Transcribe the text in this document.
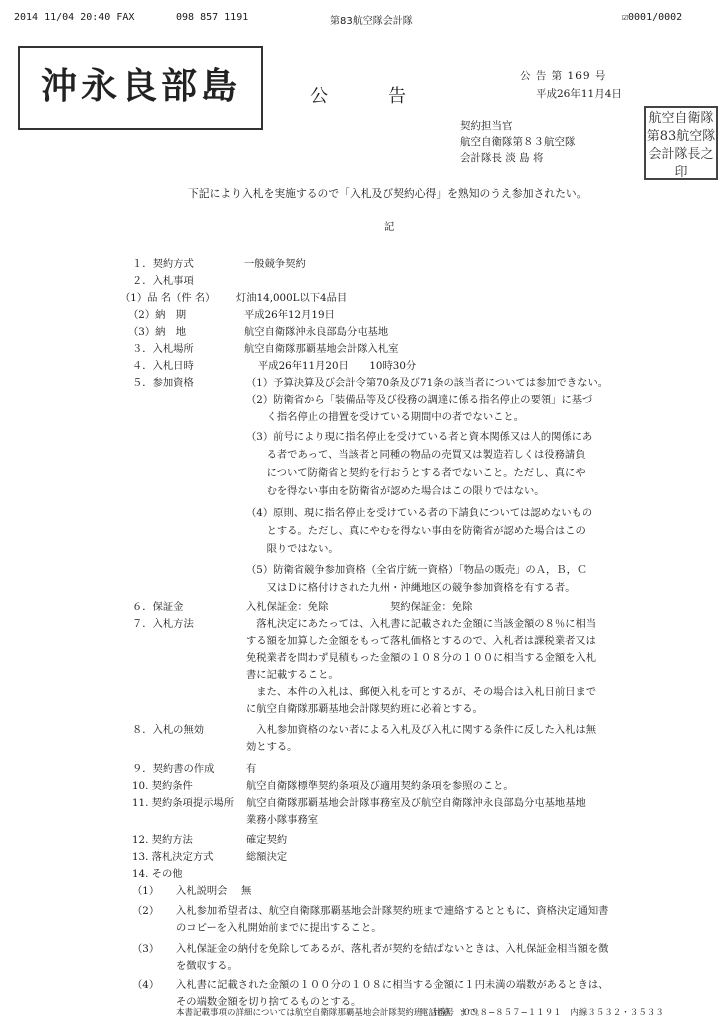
2014 11/04 20:40 FAX	098 857 1191	第83航空隊会計隊	☑0001/0002
沖永良部島	公告
公 告 第 169 号
平成26年11月4日
契約担当官
航空自衛隊第８３航空隊
会計隊長 淡 島 将
航空自衛隊第83航空隊会計隊長之印
下記により入札を実施するので「入札及び契約心得」を熟知のうえ参加されたい。
記
１．契約方式	一般競争契約
２．入札事項
（1）品 名（件 名） 灯油14,000L以下4品目
（2）納　期	平成26年12月19日
（3）納　地	航空自衛隊沖永良部島分屯基地
３．入札場所	航空自衛隊那覇基地会計隊入札室
４．入札日時	平成26年11月20日　　10時30分
５．参加資格	（1）予算決算及び会計令第70条及び71条の該当者については参加できない。
（2）防衛省から「装備品等及び役務の調達に係る指名停止の要領」に基づ
　　く指名停止の措置を受けている期間中の者でないこと。
（3）前号により現に指名停止を受けている者と資本関係又は人的関係にあ
　　る者であって、当該者と同種の物品の売買又は製造若しくは役務請負
　　について防衛省と契約を行おうとする者でないこと。ただし、真にや
　　むを得ない事由を防衛省が認めた場合はこの限りではない。
（4）原則、現に指名停止を受けている者の下請負については認めないもの
　　とする。ただし、真にやむを得ない事由を防衛省が認めた場合はこの
　　限りではない。
（5）防衛省競争参加資格（全省庁統一資格）「物品の販売」のＡ，Ｂ，Ｃ
　　又はＤに格付けされた九州・沖縄地区の競争参加資格を有する者。
６．保証金	入札保証金：免除	契約保証金：免除
７．入札方法	　落札決定にあたっては、入札書に記載された金額に当該金額の８％に相当
する額を加算した金額をもって落札価格とするので、入札者は課税業者又は
免税業者を問わず見積もった金額の１０８分の１００に相当する金額を入札
書に記載すること。
　また、本件の入札は、郵便入札を可とするが、その場合は入札日前日まで
に航空自衛隊那覇基地会計隊契約班に必着とする。
８．入札の無効	　入札参加資格のない者による入札及び入札に関する条件に反した入札は無
効とする。
９．契約書の作成	有
10. 契約条件	航空自衛隊標準契約条項及び適用契約条項を参照のこと。
11. 契約条項提示場所 航空自衛隊那覇基地会計隊事務室及び航空自衛隊沖永良部島分屯基地基地
業務小隊事務室
12. 契約方法	確定契約
13. 落札決定方式	総額決定
14. その他
（1） 入札説明会　 無
（2） 入札参加希望者は、航空自衛隊那覇基地会計隊契約班まで連絡するとともに、資格決定通知書
のコピーを入札開始前までに提出すること。
（3） 入札保証金の納付を免除してあるが、落札者が契約を結ばないときは、入札保証金相当額を徴
を徴収する。
（4） 入札書に記載された金額の１００分の１０８に相当する金額に１円未満の端数があるときは、
その端数金額を切り捨てるものとする。
本書記載事項の詳細については航空自衛隊那覇基地会計隊契約班　 比嘉　まで。
電話番号　０９８−８５７−１１９１　内線３５３２・３５３３
